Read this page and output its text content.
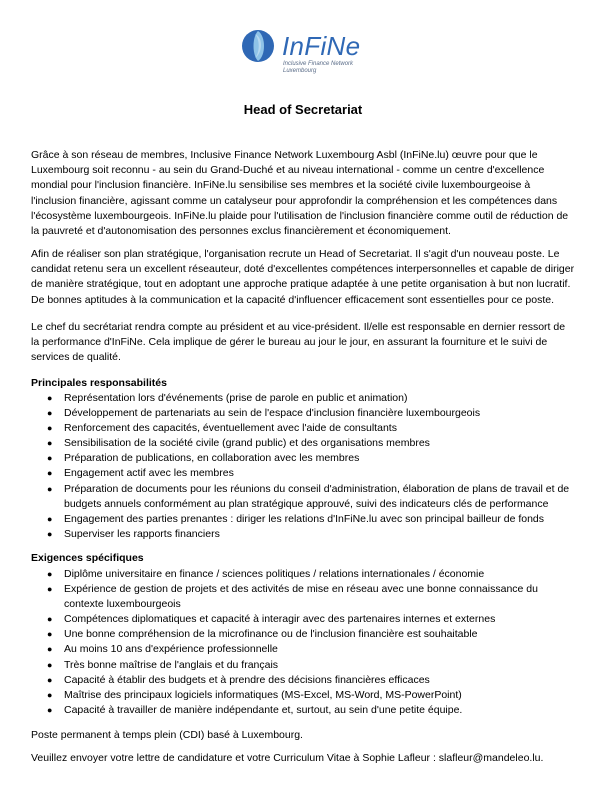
InFiNe
Inclusive Finance Network
Luxembourg
Head of Secretariat
Grâce à son réseau de membres, Inclusive Finance Network Luxembourg Asbl (InFiNe.lu) œuvre pour que le Luxembourg soit reconnu - au sein du Grand-Duché et au niveau international - comme un centre d'excellence mondial pour l'inclusion financière. InFiNe.lu sensibilise ses membres et la société civile luxembourgeoise à l'inclusion financière, agissant comme un catalyseur pour approfondir la compréhension et les compétences dans l'écosystème luxembourgeois. InFiNe.lu plaide pour l'utilisation de l'inclusion financière comme outil de réduction de la pauvreté et d'autonomisation des personnes exclus financièrement et économiquement.
Afin de réaliser son plan stratégique, l'organisation recrute un Head of Secretariat. Il s'agit d'un nouveau poste. Le candidat retenu sera un excellent réseauteur, doté d'excellentes compétences interpersonnelles et capable de diriger de manière stratégique, tout en adoptant une approche pratique adaptée à une petite organisation à but non lucratif. De bonnes aptitudes à la communication et la capacité d'influencer efficacement sont essentielles pour ce poste.
Le chef du secrétariat rendra compte au président et au vice-président. Il/elle est responsable en dernier ressort de la performance d'InFiNe. Cela implique de gérer le bureau au jour le jour, en assurant la fourniture et le suivi de services de qualité.
Principales responsabilités
● Représentation lors d'événements (prise de parole en public et animation)
● Développement de partenariats au sein de l'espace d'inclusion financière luxembourgeois
● Renforcement des capacités, éventuellement avec l'aide de consultants
● Sensibilisation de la société civile (grand public) et des organisations membres
● Préparation de publications, en collaboration avec les membres
● Engagement actif avec les membres
● Préparation de documents pour les réunions du conseil d'administration, élaboration de plans de travail et de budgets annuels conformément au plan stratégique approuvé, suivi des indicateurs clés de performance
● Engagement des parties prenantes : diriger les relations d'InFiNe.lu avec son principal bailleur de fonds
● Superviser les rapports financiers
Exigences spécifiques
● Diplôme universitaire en finance / sciences politiques / relations internationales / économie
● Expérience de gestion de projets et des activités de mise en réseau avec une bonne connaissance du contexte luxembourgeois
● Compétences diplomatiques et capacité à interagir avec des partenaires internes et externes
● Une bonne compréhension de la microfinance ou de l'inclusion financière est souhaitable
● Au moins 10 ans d'expérience professionnelle
● Très bonne maîtrise de l'anglais et du français
● Capacité à établir des budgets et à prendre des décisions financières efficaces
● Maîtrise des principaux logiciels informatiques (MS-Excel, MS-Word, MS-PowerPoint)
● Capacité à travailler de manière indépendante et, surtout, au sein d'une petite équipe.
Poste permanent à temps plein (CDI) basé à Luxembourg.
Veuillez envoyer votre lettre de candidature et votre Curriculum Vitae à Sophie Lafleur : slafleur@mandeleo.lu.
